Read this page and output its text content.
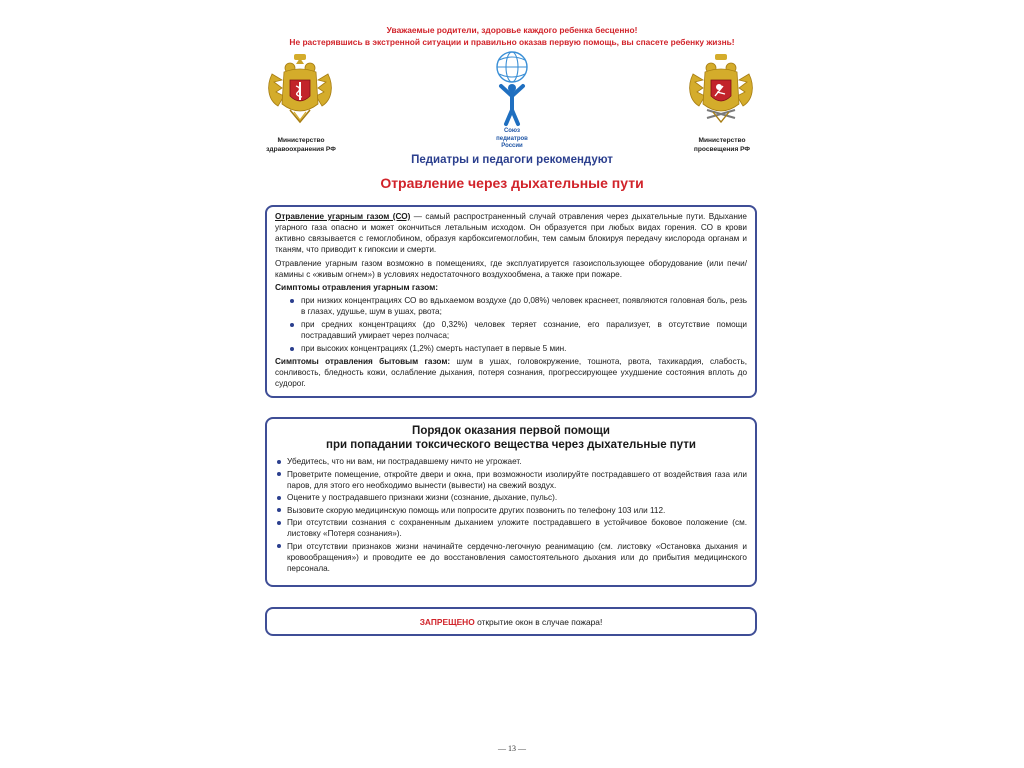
Уважаемые родители, здоровье каждого ребенка бесценно!
Не растерявшись в экстренной ситуации и правильно оказав первую помощь, вы спасете ребенку жизнь!
Министерство
здравоохранения РФ
Союз
педиатров
России
Министерство
просвещения РФ
Педиатры и педагоги рекомендуют
Отравление через дыхательные пути

Отравление угарным газом (СО) — самый распространенный случай отравления через дыхательные пути. Вдыхание угарного газа опасно и может окончиться летальным исходом. Он образуется при любых видах горения. СО в крови активно связывается с гемоглобином, образуя карбоксигемоглобин, тем самым блокируя передачу кислорода органам и тканям, что приводит к гипоксии и смерти.

Отравление угарным газом возможно в помещениях, где эксплуатируется газоиспользующее оборудование (или печи/камины с «живым огнем») в условиях недостаточного воздухообмена, а также при пожаре.

Симптомы отравления угарным газом:
при низких концентрациях СО во вдыхаемом воздухе (до 0,08%) человек краснеет, появляются головная боль, резь в глазах, удушье, шум в ушах, рвота;
при средних концентрациях (до 0,32%) человек теряет сознание, его парализует, в отсутствие помощи пострадавший умирает через полчаса;
при высоких концентрациях (1,2%) смерть наступает в первые 5 мин.

Симптомы отравления бытовым газом: шум в ушах, головокружение, тошнота, рвота, тахикардия, слабость, сонливость, бледность кожи, ослабление дыхания, потеря сознания, прогрессирующее ухудшение состояния вплоть до судорог.

Порядок оказания первой помощи
при попадании токсического вещества через дыхательные пути
Убедитесь, что ни вам, ни пострадавшему ничто не угрожает.
Проветрите помещение, откройте двери и окна, при возможности изолируйте пострадавшего от воздействия газа или паров, для этого его необходимо вынести (вывести) на свежий воздух.
Оцените у пострадавшего признаки жизни (сознание, дыхание, пульс).
Вызовите скорую медицинскую помощь или попросите других позвонить по телефону 103 или 112.
При отсутствии сознания с сохраненным дыханием уложите пострадавшего в устойчивое боковое положение (см. листовку «Потеря сознания»).
При отсутствии признаков жизни начинайте сердечно-легочную реанимацию (см. листовку «Остановка дыхания и кровообращения») и проводите ее до восстановления самостоятельного дыхания или до прибытия медицинского персонала.
ЗАПРЕЩЕНО открытие окон в случае пожара!
— 13 —
